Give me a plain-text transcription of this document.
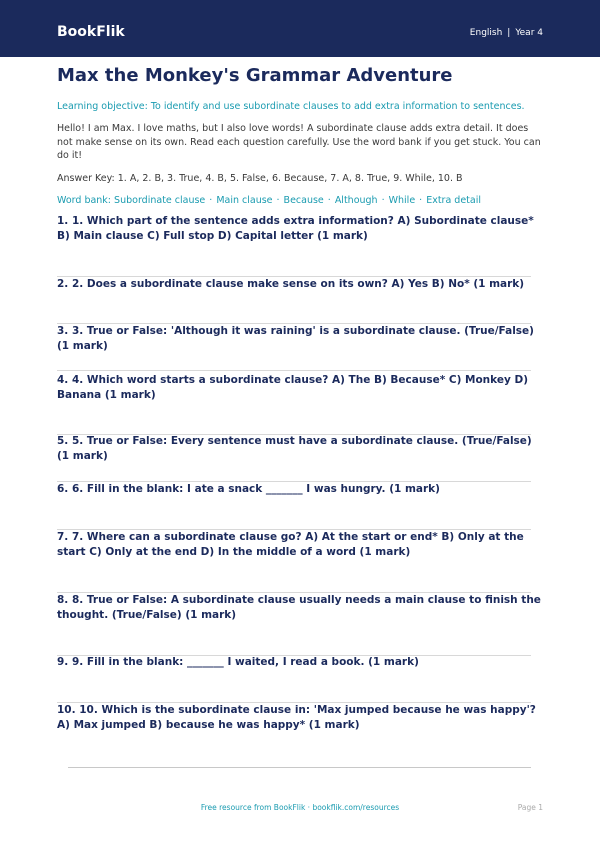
BookFlik	English | Year 4
Max the Monkey's Grammar Adventure

Learning objective: To identify and use subordinate clauses to add extra information to sentences.

Hello! I am Max. I love maths, but I also love words! A subordinate clause adds extra detail. It does not make sense on its own. Read each question carefully. Use the word bank if you get stuck. You can do it!

Answer Key: 1. A, 2. B, 3. True, 4. B, 5. False, 6. Because, 7. A, 8. True, 9. While, 10. B

Word bank: Subordinate clause · Main clause · Because · Although · While · Extra detail

1. 1. Which part of the sentence adds extra information? A) Subordinate clause* B) Main clause C) Full stop D) Capital letter (1 mark)
2. 2. Does a subordinate clause make sense on its own? A) Yes B) No* (1 mark)
3. 3. True or False: 'Although it was raining' is a subordinate clause. (True/False) (1 mark)
4. 4. Which word starts a subordinate clause? A) The B) Because* C) Monkey D) Banana (1 mark)
5. 5. True or False: Every sentence must have a subordinate clause. (True/False) (1 mark)
6. 6. Fill in the blank: I ate a snack _______ I was hungry. (1 mark)
7. 7. Where can a subordinate clause go? A) At the start or end* B) Only at the start C) Only at the end D) In the middle of a word (1 mark)
8. 8. True or False: A subordinate clause usually needs a main clause to finish the thought. (True/False) (1 mark)
9. 9. Fill in the blank: _______ I waited, I read a book. (1 mark)
10. 10. Which is the subordinate clause in: 'Max jumped because he was happy'? A) Max jumped B) because he was happy* (1 mark)
Free resource from BookFlik · bookflik.com/resources	Page 1
